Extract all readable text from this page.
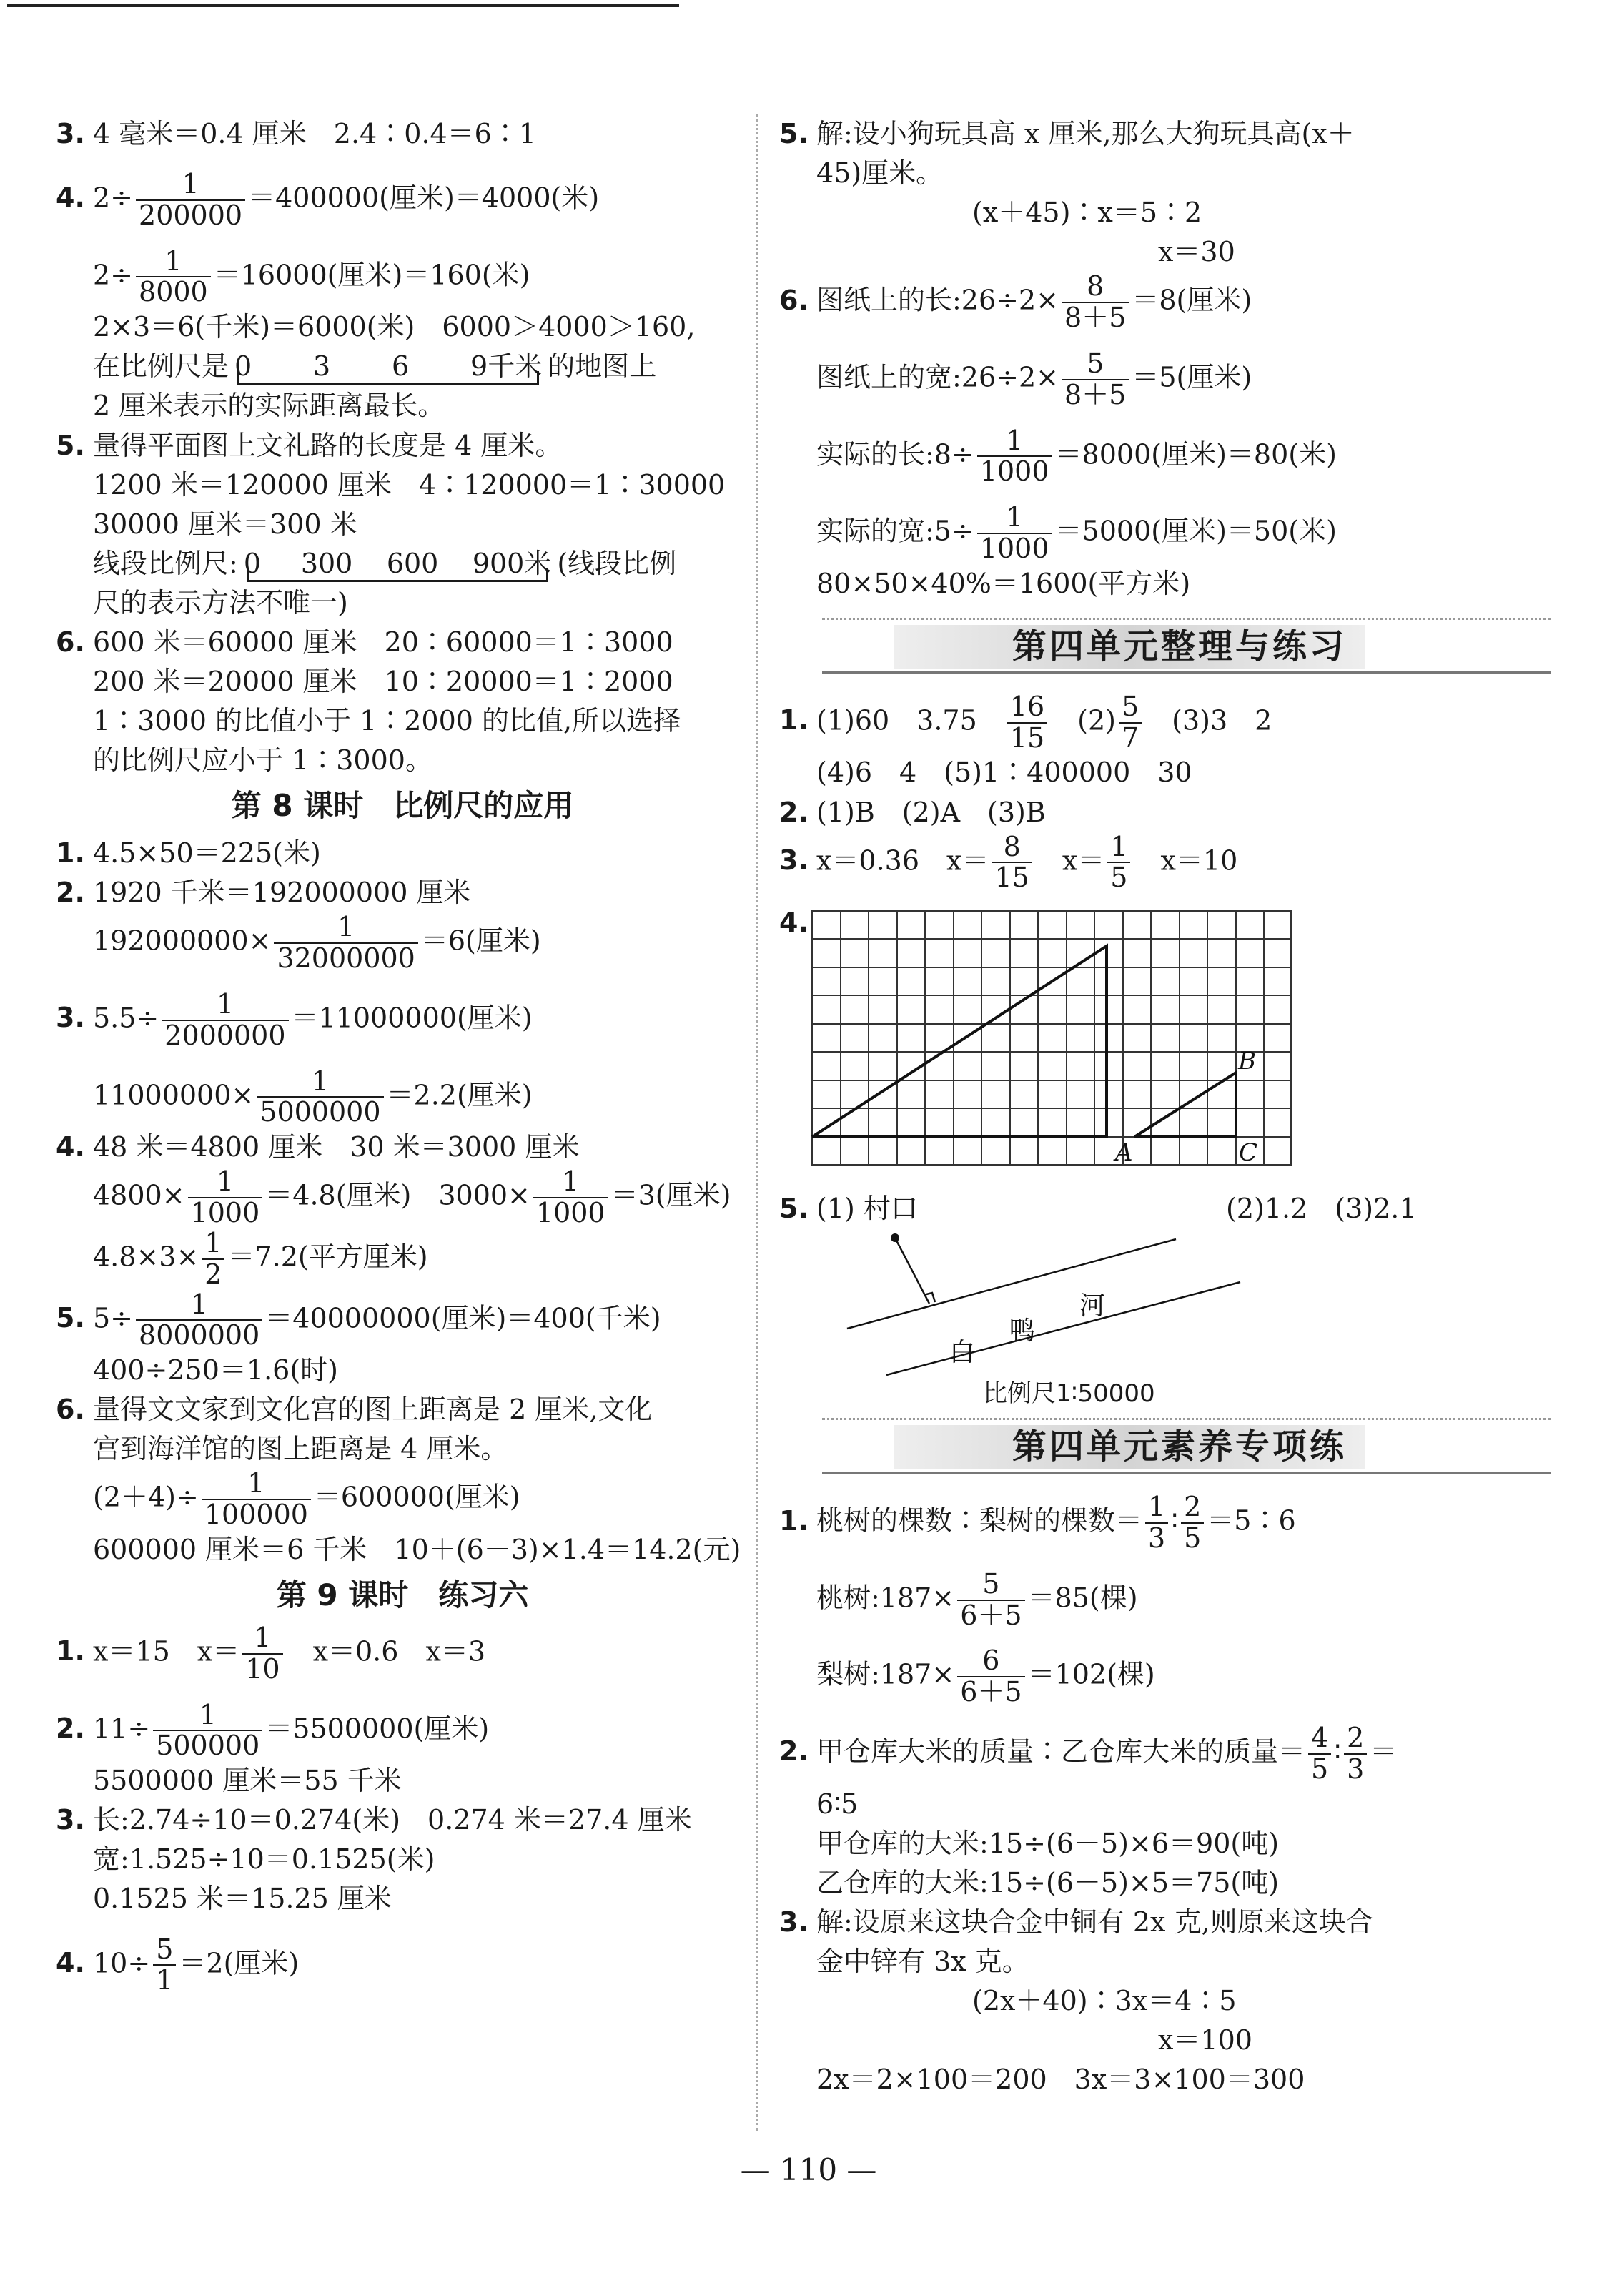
3 . 4 毫米＝0.4 厘米　2.4∶0.4＝6∶1

4 . $2\div \frac{1}{200000} =400000$(厘米)＝4000(米)

$2\div \frac{1}{8000} =16000$(厘米)＝160(米)

2×3＝6(千米)＝6000(米)　6000＞4000＞160,

在比例尺是 0 3 6 9千米 的地图上

2 厘米表示的实际距离最长。

5 . 量得平面图上文礼路的长度是 4 厘米。

1200 米＝120000 厘米　4∶120000＝1∶30000

30000 厘米＝300 米

线段比例尺: 0 300 600 900米 (线段比例

尺的表示方法不唯一)

6 . 600 米＝60000 厘米　20∶60000＝1∶3000

200 米＝20000 厘米　10∶20000＝1∶2000

1∶3000 的比值小于 1∶2000 的比值,所以选择

的比例尺应小于 1∶3000。

第 8 课时　比例尺的应用

1 . 4.5×50＝225(米)

2 . 1920 千米＝192000000 厘米

$192000000\times \frac{1}{32000000} =6$(厘米)

3 . $5.5\div \frac{1}{2000000} =11000000$(厘米)

$11000000\times \frac{1}{5000000} =2.2$(厘米)

4 . 48 米＝4800 厘米　30 米＝3000 厘米

$4800\times \frac{1}{1000} =4.8$(厘米)　$3000\times \frac{1}{1000} =3$(厘米)

$4.8\times 3\times \frac{1}{2} =7.2$(平方厘米)

5 . $5\div \frac{1}{8000000} =40000000$(厘米)＝400(千米)

400÷250＝1.6(时)

6 . 量得文文家到文化宫的图上距离是 2 厘米,文化

宫到海洋馆的图上距离是 4 厘米。

$(2+4)\div \frac{1}{100000} =600000$(厘米)

600000 厘米＝6 千米　10＋(6－3)×1.4＝14.2(元)

第 9 课时　练习六

1 . x＝15　$x= \frac{1}{10}$ 　x＝0.6　x＝3

2 . $11\div \frac{1}{500000} =5500000$(厘米)

5500000 厘米＝55 千米

3 . 长:2.74÷10＝0.274(米)　0.274 米＝27.4 厘米

宽:1.525÷10＝0.1525(米)

0.1525 米＝15.25 厘米

4 . $10\div \frac{5}{1} =2$(厘米)

5 . 解:设小狗玩具高 x 厘米,那么大狗玩具高(x＋

45)厘米。

(x＋45)∶x＝5∶2

x＝30

6 . 图纸上的长:26÷2× $\frac{8}{8+5} =8$(厘米)

图纸上的宽:26÷2× $\frac{5}{8+5} =5$(厘米)

实际的长:8÷ $\frac{1}{1000} =8000$(厘米)＝80(米)

实际的宽:5÷ $\frac{1}{1000} =5000$(厘米)＝50(米)

80×50×40%＝1600(平方米)

第四单元整理与练习

1 . (1)60　3.75　 $\frac{16}{15}$ 　$(2) \frac{5}{7}$ 　(3)3　2

(4)6　4　(5)1∶400000　30

2 . (1)B　(2)A　(3)B

3 . x＝0.36　$x= \frac{8}{15}$ 　$x= \frac{1}{5}$ 　x＝10

4 .
A
B
C
5 . (1) 村口	(2)1.2　(3)2.1
白
鸭
河
比例尺1∶50000
第四单元素养专项练

1 . 桃树的棵数∶梨树的棵数＝ $\frac{1}{3}$ ∶ $\frac{2}{5}$ ＝5∶6

桃树:187× $\frac{5}{6+5} =85$(棵)

梨树:187× $\frac{6}{6+5} =102$(棵)

2 . 甲仓库大米的质量∶乙仓库大米的质量＝ $\frac{4}{5}$ ∶ $\frac{2}{3}$ ＝

6∶5

甲仓库的大米:15÷(6－5)×6＝90(吨)

乙仓库的大米:15÷(6－5)×5＝75(吨)

3 . 解:设原来这块合金中铜有 2x 克,则原来这块合

金中锌有 3x 克。

(2x＋40)∶3x＝4∶5

x＝100

2x＝2×100＝200　3x＝3×100＝300

— 110 —
